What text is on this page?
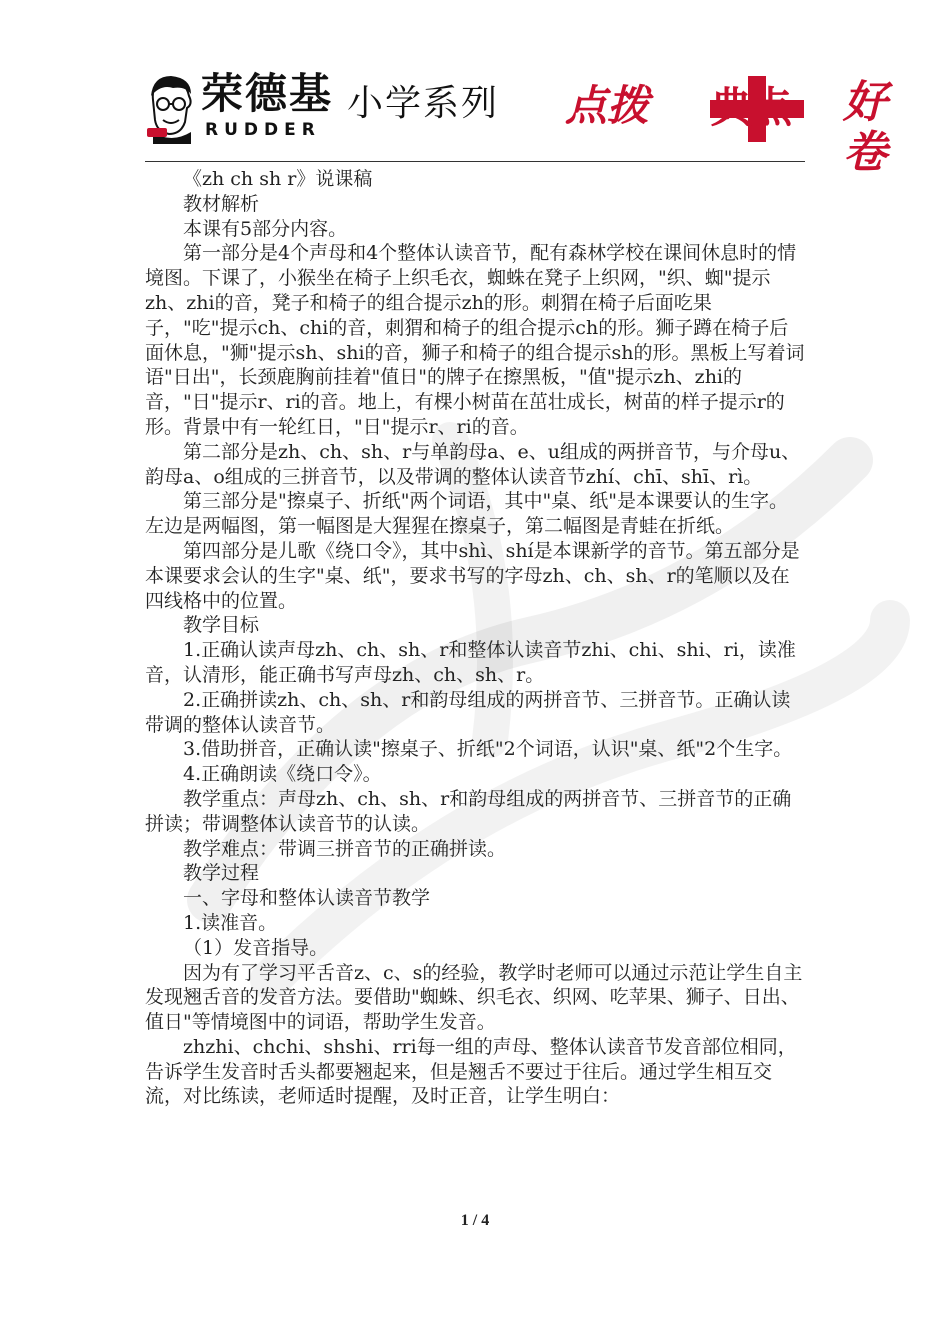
荣德基
RUDDER
小学系列 点拨 典点 好卷

《zh ch sh r》说课稿

教材解析

本课有5部分内容。

第一部分是4个声母和4个整体认读音节，配有森林学校在课间休息时的情境图。下课了，小猴坐在椅子上织毛衣，蜘蛛在凳子上织网，"织、蜘"提示zh、zhi的音，凳子和椅子的组合提示zh的形。刺猬在椅子后面吃果子，"吃"提示ch、chi的音，刺猬和椅子的组合提示ch的形。狮子蹲在椅子后面休息，"狮"提示sh、shi的音，狮子和椅子的组合提示sh的形。黑板上写着词语"日出"，长颈鹿胸前挂着"值日"的牌子在擦黑板，"值"提示zh、zhi的音，"日"提示r、ri的音。地上，有棵小树苗在茁壮成长，树苗的样子提示r的形。背景中有一轮红日，"日"提示r、ri的音。

第二部分是zh、ch、sh、r与单韵母a、e、u组成的两拼音节，与介母u、韵母a、o组成的三拼音节，以及带调的整体认读音节zhí、chī、shī、rì。

第三部分是"擦桌子、折纸"两个词语，其中"桌、纸"是本课要认的生字。左边是两幅图，第一幅图是大猩猩在擦桌子，第二幅图是青蛙在折纸。

第四部分是儿歌《绕口令》，其中shì、shí是本课新学的音节。第五部分是本课要求会认的生字"桌、纸"，要求书写的字母zh、ch、sh、r的笔顺以及在四线格中的位置。

教学目标

1.正确认读声母zh、ch、sh、r和整体认读音节zhi、chi、shi、ri，读准音，认清形，能正确书写声母zh、ch、sh、r。

2.正确拼读zh、ch、sh、r和韵母组成的两拼音节、三拼音节。正确认读带调的整体认读音节。

3.借助拼音，正确认读"擦桌子、折纸"2个词语，认识"桌、纸"2个生字。

4.正确朗读《绕口令》。

教学重点：声母zh、ch、sh、r和韵母组成的两拼音节、三拼音节的正确拼读；带调整体认读音节的认读。

教学难点：带调三拼音节的正确拼读。

教学过程

一、字母和整体认读音节教学

1.读准音。

（1）发音指导。

因为有了学习平舌音z、c、s的经验，教学时老师可以通过示范让学生自主发现翘舌音的发音方法。要借助"蜘蛛、织毛衣、织网、吃苹果、狮子、日出、值日"等情境图中的词语，帮助学生发音。

zhzhi、chchi、shshi、rri每一组的声母、整体认读音节发音部位相同，告诉学生发音时舌头都要翘起来，但是翘舌不要过于往后。通过学生相互交流，对比练读，老师适时提醒，及时正音，让学生明白：

1 / 4
